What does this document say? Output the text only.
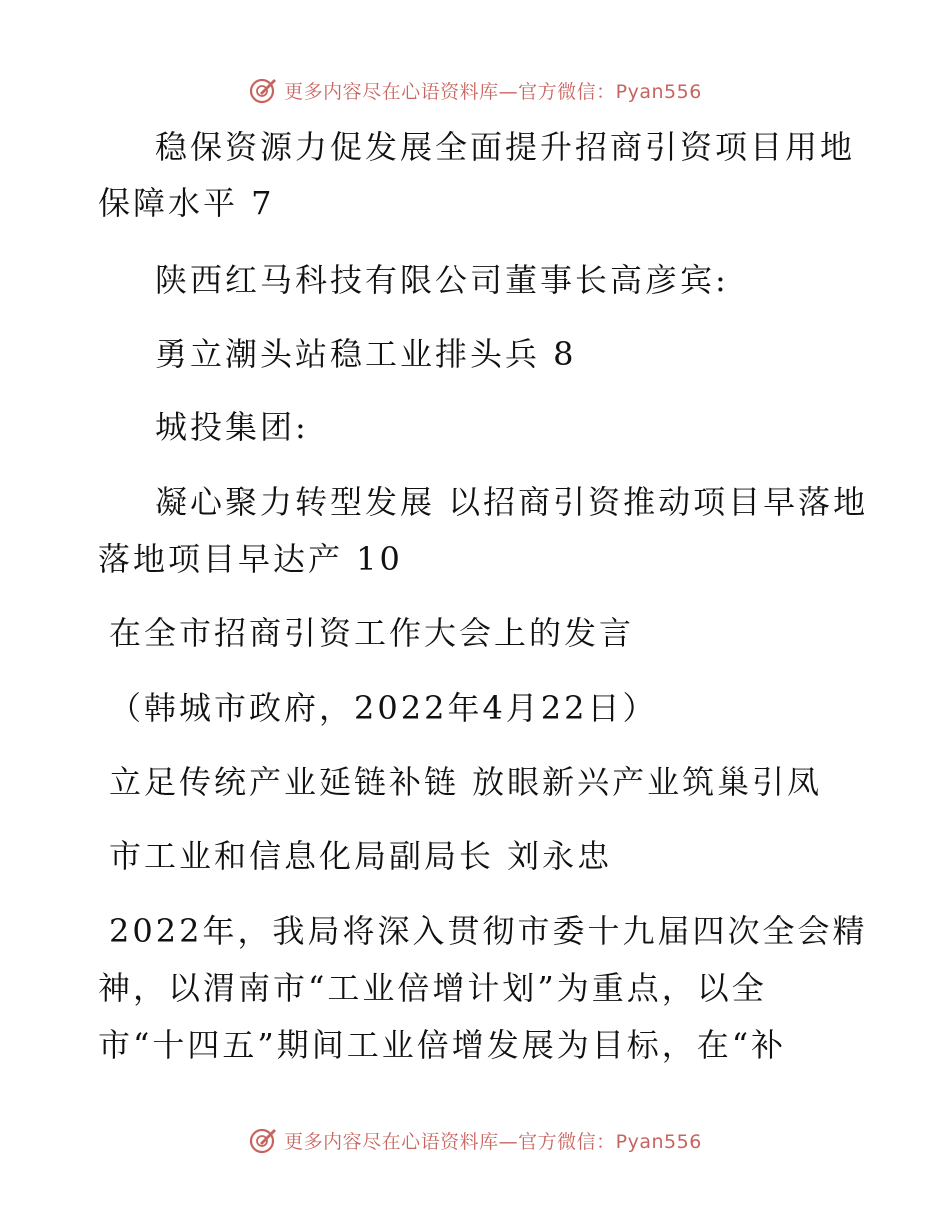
更多内容尽在心语资料库—官方微信：Pyan556
稳保资源力促发展全面提升招商引资项目用地
保障水平 7
陕西红马科技有限公司董事长高彦宾:
勇立潮头站稳工业排头兵 8
城投集团:
凝心聚力转型发展 以招商引资推动项目早落地
落地项目早达产 10
在全市招商引资工作大会上的发言
（韩城市政府，2022年4月22日）
立足传统产业延链补链 放眼新兴产业筑巢引凤
市工业和信息化局副局长 刘永忠
2022年，我局将深入贯彻市委十九届四次全会精
神，以渭南市“工业倍增计划”为重点，以全
市“十四五”期间工业倍增发展为目标，在“补
更多内容尽在心语资料库—官方微信：Pyan556
